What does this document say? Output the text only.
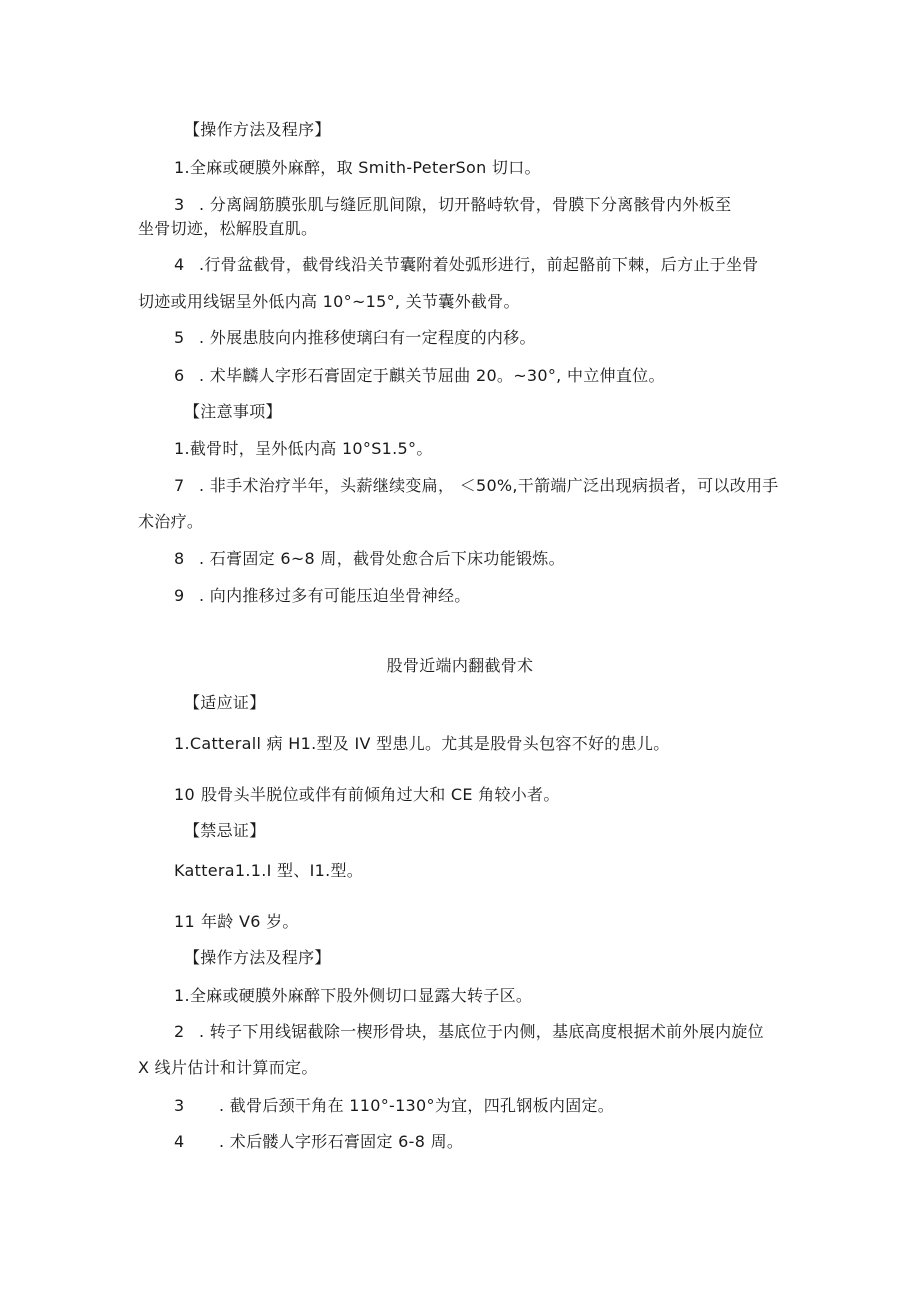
【操作方法及程序】
1.全麻或硬膜外麻醉，取 Smith-PeterSon 切口。
3 . 分离阔筋膜张肌与缝匠肌间隙，切开骼峙软骨，骨膜下分离骸骨内外板至
坐骨切迹，松解股直肌。
4 .行骨盆截骨，截骨线沿关节囊附着处弧形进行，前起骼前下棘，后方止于坐骨
切迹或用线锯呈外低内高 10°~15°, 关节囊外截骨。
5 . 外展患肢向内推移使璃臼有一定程度的内移。
6 . 术毕麟人字形石膏固定于麒关节屈曲 20。~30°, 中立伸直位。
【注意事项】
1.截骨时，呈外低内高 10°S1.5°。
7 . 非手术治疗半年，头薪继续变扁， ＜50%,干箭端广泛出现病损者，可以改用手
术治疗。
8 . 石膏固定 6~8 周，截骨处愈合后下床功能锻炼。
9 . 向内推移过多有可能压迫坐骨神经。
股骨近端内翻截骨术
【适应证】
1.Catterall 病 H1.型及 IV 型患儿。尤其是股骨头包容不好的患儿。
10 股骨头半脱位或伴有前倾角过大和 CE 角较小者。
【禁忌证】
Kattera1.1.I 型、I1.型。
11 年龄 V6 岁。
【操作方法及程序】
1.全麻或硬膜外麻醉下股外侧切口显露大转子区。
2 . 转子下用线锯截除一楔形骨块，基底位于内侧，基底高度根据术前外展内旋位
X 线片估计和计算而定。
3 . 截骨后颈干角在 110°-130°为宜，四孔钢板内固定。
4 . 术后髅人字形石膏固定 6-8 周。
